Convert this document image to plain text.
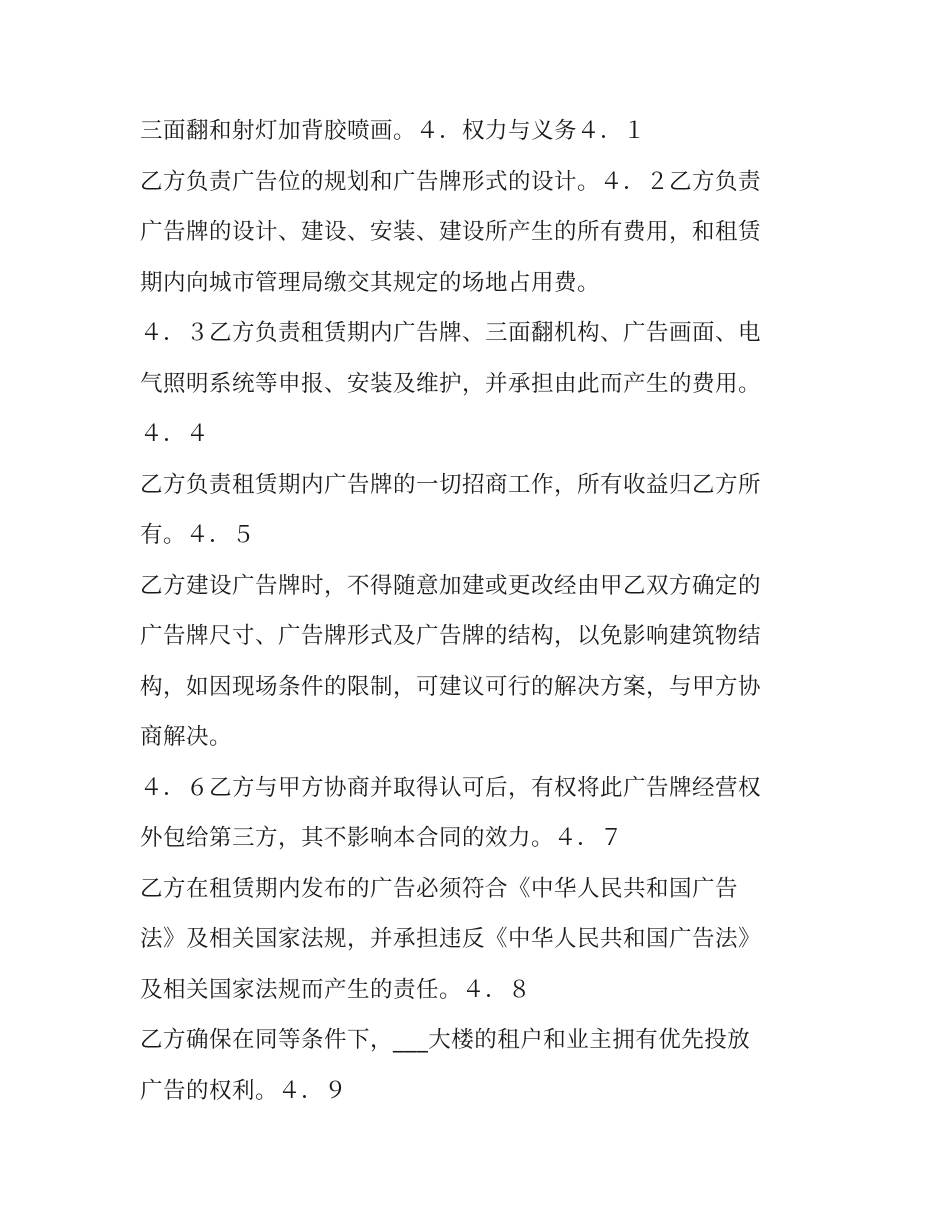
三面翻和射灯加背胶喷画。４．权力与义务４．１
乙方负责广告位的规划和广告牌形式的设计。４．２乙方负责
广告牌的设计、建设、安装、建设所产生的所有费用，和租赁
期内向城市管理局缴交其规定的场地占用费。
４．３乙方负责租赁期内广告牌、三面翻机构、广告画面、电
气照明系统等申报、安装及维护，并承担由此而产生的费用。
４．４
乙方负责租赁期内广告牌的一切招商工作，所有收益归乙方所
有。４．５
乙方建设广告牌时，不得随意加建或更改经由甲乙双方确定的
广告牌尺寸、广告牌形式及广告牌的结构，以免影响建筑物结
构，如因现场条件的限制，可建议可行的解决方案，与甲方协
商解决。
４．６乙方与甲方协商并取得认可后，有权将此广告牌经营权
外包给第三方，其不影响本合同的效力。４．７
乙方在租赁期内发布的广告必须符合《中华人民共和国广告
法》及相关国家法规，并承担违反《中华人民共和国广告法》
及相关国家法规而产生的责任。４．８
乙方确保在同等条件下，___大楼的租户和业主拥有优先投放
广告的权利。４．９
